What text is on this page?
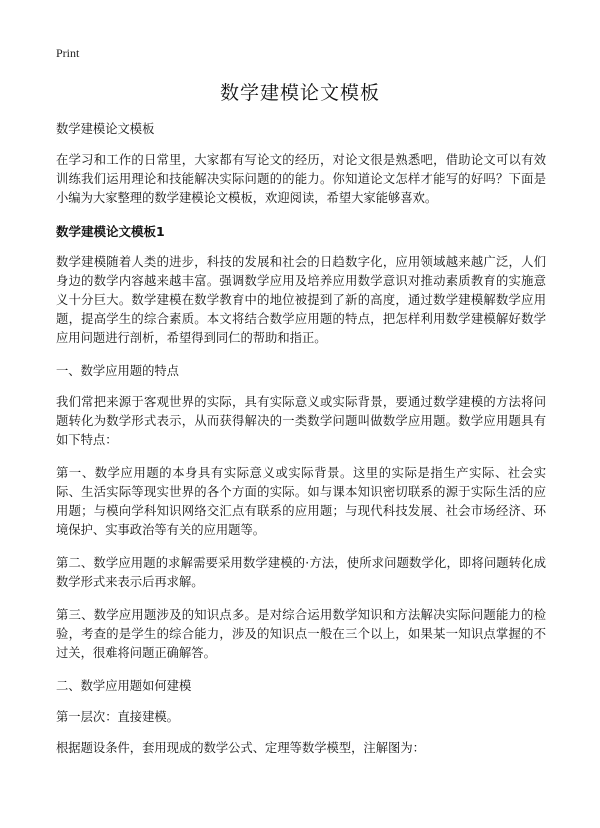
Print
数学建模论文模板
数学建模论文模板

在学习和工作的日常里，大家都有写论文的经历，对论文很是熟悉吧，借助论文可以有效训练我们运用理论和技能解决实际问题的的能力。你知道论文怎样才能写的好吗？下面是小编为大家整理的数学建模论文模板，欢迎阅读，希望大家能够喜欢。

数学建模论文模板1

数学建模随着人类的进步，科技的发展和社会的日趋数字化，应用领域越来越广泛，人们身边的数学内容越来越丰富。强调数学应用及培养应用数学意识对推动素质教育的实施意义十分巨大。数学建模在数学教育中的地位被提到了新的高度，通过数学建模解数学应用题，提高学生的综合素质。本文将结合数学应用题的特点，把怎样利用数学建模解好数学应用问题进行剖析，希望得到同仁的帮助和指正。

一、数学应用题的特点

我们常把来源于客观世界的实际，具有实际意义或实际背景，要通过数学建模的方法将问题转化为数学形式表示，从而获得解决的一类数学问题叫做数学应用题。数学应用题具有如下特点：

第一、数学应用题的本身具有实际意义或实际背景。这里的实际是指生产实际、社会实际、生活实际等现实世界的各个方面的实际。如与课本知识密切联系的源于实际生活的应用题；与模向学科知识网络交汇点有联系的应用题；与现代科技发展、社会市场经济、环境保护、实事政治等有关的应用题等。

第二、数学应用题的求解需要采用数学建模的·方法，使所求问题数学化，即将问题转化成数学形式来表示后再求解。

第三、数学应用题涉及的知识点多。是对综合运用数学知识和方法解决实际问题能力的检验，考查的是学生的综合能力，涉及的知识点一般在三个以上，如果某一知识点掌握的不过关，很难将问题正确解答。

二、数学应用题如何建模

第一层次：直接建模。

根据题设条件，套用现成的数学公式、定理等数学模型，注解图为：
